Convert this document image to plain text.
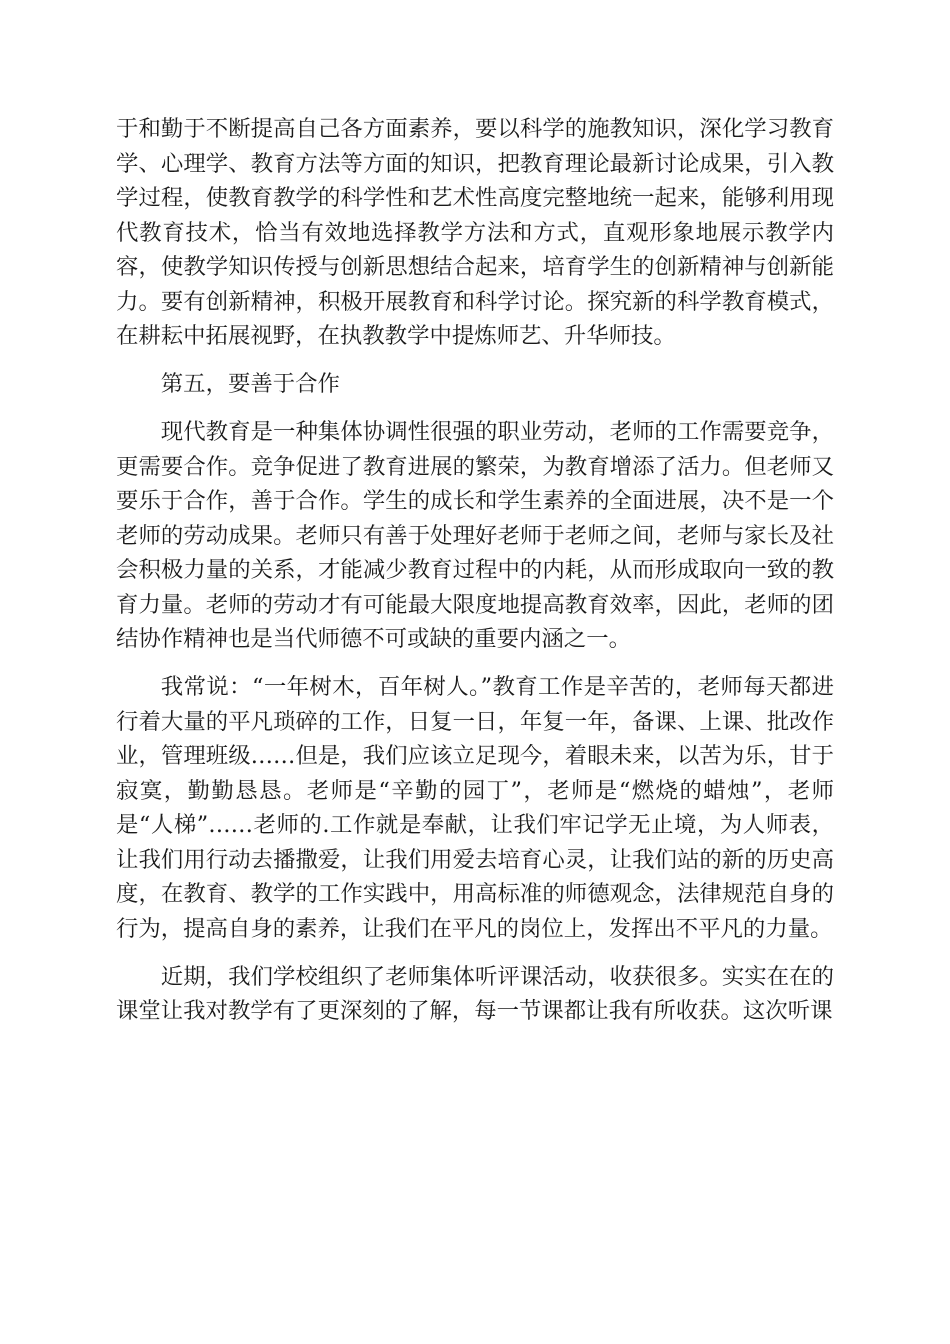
于和勤于不断提高自己各方面素养，要以科学的施教知识，深化学习教育学、心理学、教育方法等方面的知识，把教育理论最新讨论成果，引入教学过程，使教育教学的科学性和艺术性高度完整地统一起来，能够利用现代教育技术，恰当有效地选择教学方法和方式，直观形象地展示教学内容，使教学知识传授与创新思想结合起来，培育学生的创新精神与创新能力。要有创新精神，积极开展教育和科学讨论。探究新的科学教育模式，在耕耘中拓展视野，在执教教学中提炼师艺、升华师技。

第五，要善于合作

现代教育是一种集体协调性很强的职业劳动，老师的工作需要竞争，更需要合作。竞争促进了教育进展的繁荣，为教育增添了活力。但老师又要乐于合作，善于合作。学生的成长和学生素养的全面进展，决不是一个老师的劳动成果。老师只有善于处理好老师于老师之间，老师与家长及社会积极力量的关系，才能减少教育过程中的内耗，从而形成取向一致的教育力量。老师的劳动才有可能最大限度地提高教育效率，因此，老师的团结协作精神也是当代师德不可或缺的重要内涵之一。

我常说：“一年树木，百年树人。”教育工作是辛苦的，老师每天都进行着大量的平凡琐碎的工作，日复一日，年复一年，备课、上课、批改作业，管理班级……但是，我们应该立足现今，着眼未来，以苦为乐，甘于寂寞，勤勤恳恳。老师是“辛勤的园丁”，老师是“燃烧的蜡烛”，老师是“人梯”……老师的.工作就是奉献，让我们牢记学无止境，为人师表，让我们用行动去播撒爱，让我们用爱去培育心灵，让我们站的新的历史高度，在教育、教学的工作实践中，用高标准的师德观念，法律规范自身的行为，提高自身的素养，让我们在平凡的岗位上，发挥出不平凡的力量。

近期，我们学校组织了老师集体听评课活动，收获很多。实实在在的课堂让我对教学有了更深刻的了解，每一节课都让我有所收获。这次听课
